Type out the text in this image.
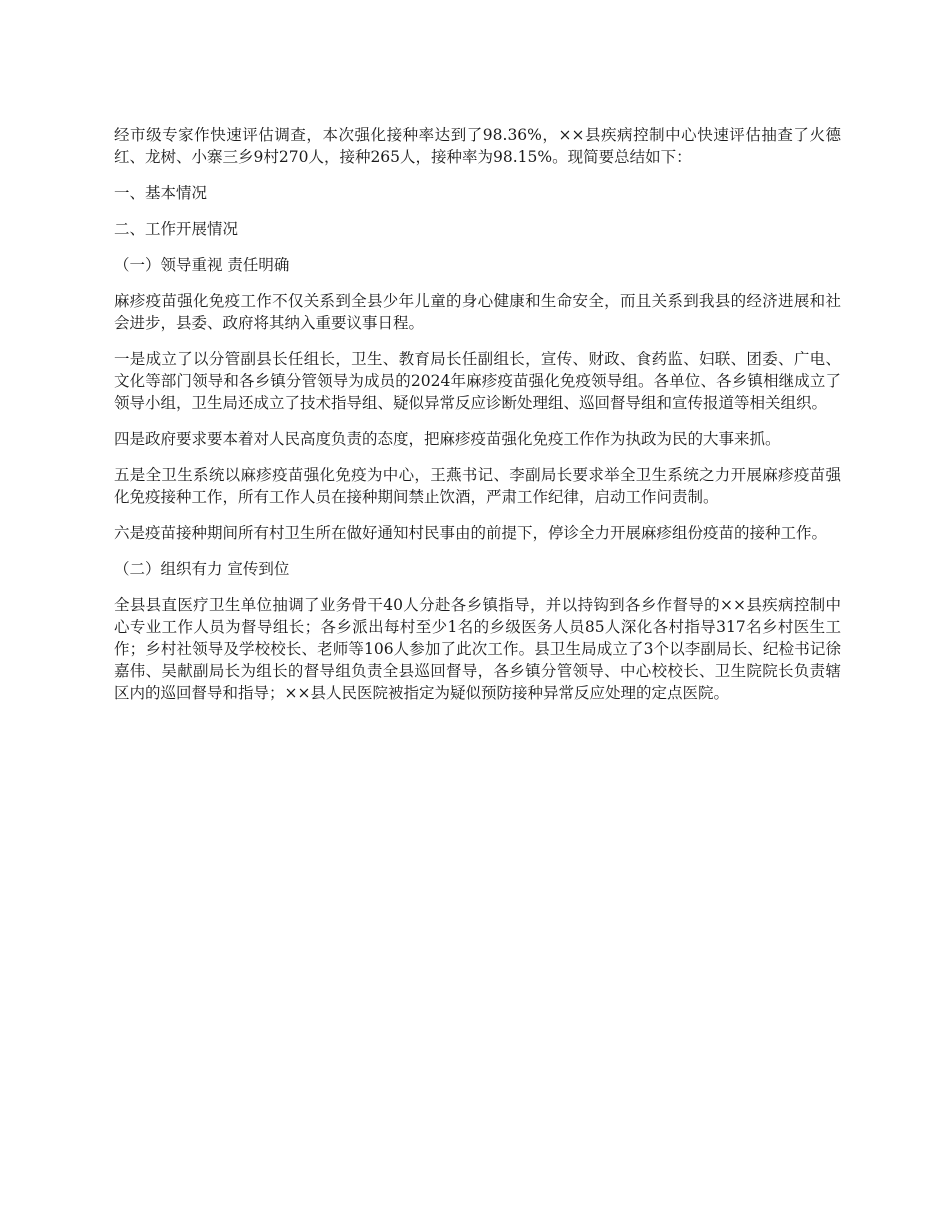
经市级专家作快速评估调查，本次强化接种率达到了98.36%，××县疾病控制中心快速评估抽查了火德红、龙树、小寨三乡9村270人，接种265人，接种率为98.15%。现简要总结如下：

一、基本情况

二、工作开展情况

（一）领导重视 责任明确

麻疹疫苗强化免疫工作不仅关系到全县少年儿童的身心健康和生命安全，而且关系到我县的经济进展和社会进步，县委、政府将其纳入重要议事日程。

一是成立了以分管副县长任组长，卫生、教育局长任副组长，宣传、财政、食药监、妇联、团委、广电、文化等部门领导和各乡镇分管领导为成员的2024年麻疹疫苗强化免疫领导组。各单位、各乡镇相继成立了领导小组，卫生局还成立了技术指导组、疑似异常反应诊断处理组、巡回督导组和宣传报道等相关组织。

四是政府要求要本着对人民高度负责的态度，把麻疹疫苗强化免疫工作作为执政为民的大事来抓。

五是全卫生系统以麻疹疫苗强化免疫为中心，王燕书记、李副局长要求举全卫生系统之力开展麻疹疫苗强化免疫接种工作，所有工作人员在接种期间禁止饮酒，严肃工作纪律，启动工作问责制。

六是疫苗接种期间所有村卫生所在做好通知村民事由的前提下，停诊全力开展麻疹组份疫苗的接种工作。

（二）组织有力 宣传到位

全县县直医疗卫生单位抽调了业务骨干40人分赴各乡镇指导，并以持钩到各乡作督导的××县疾病控制中心专业工作人员为督导组长；各乡派出每村至少1名的乡级医务人员85人深化各村指导317名乡村医生工作；乡村社领导及学校校长、老师等106人参加了此次工作。县卫生局成立了3个以李副局长、纪检书记徐嘉伟、吴献副局长为组长的督导组负责全县巡回督导，各乡镇分管领导、中心校校长、卫生院院长负责辖区内的巡回督导和指导；××县人民医院被指定为疑似预防接种异常反应处理的定点医院。
